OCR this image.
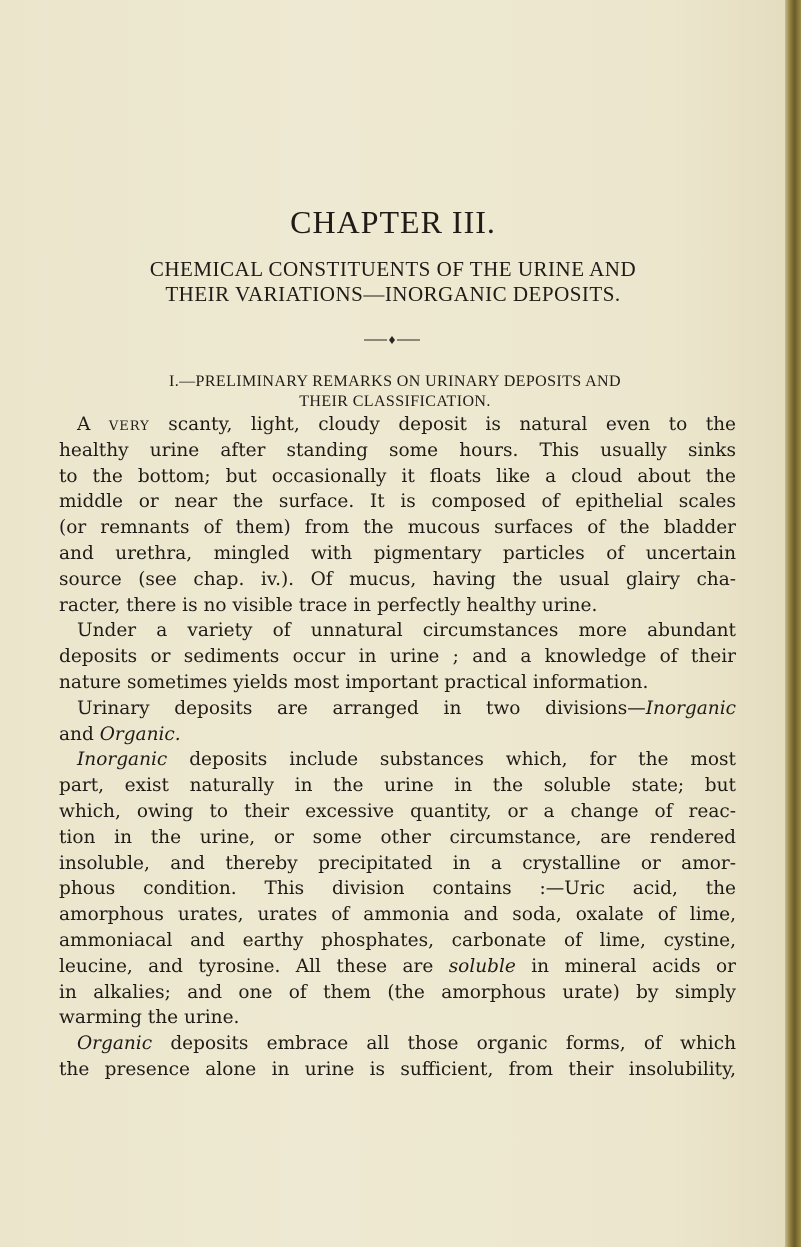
CHAPTER III.
CHEMICAL CONSTITUENTS OF THE URINE AND
THEIR VARIATIONS—INORGANIC DEPOSITS.
I.—PRELIMINARY REMARKS ON URINARY DEPOSITS AND
THEIR CLASSIFICATION.
A very scanty, light, cloudy deposit is natural even to the
healthy urine after standing some hours. This usually sinks
to the bottom; but occasionally it floats like a cloud about the
middle or near the surface. It is composed of epithelial scales
(or remnants of them) from the mucous surfaces of the bladder
and urethra, mingled with pigmentary particles of uncertain
source (see chap. iv.). Of mucus, having the usual glairy cha-
racter, there is no visible trace in perfectly healthy urine.
Under a variety of unnatural circumstances more abundant
deposits or sediments occur in urine ; and a knowledge of their
nature sometimes yields most important practical information.
Urinary deposits are arranged in two divisions—Inorganic
and Organic.
Inorganic deposits include substances which, for the most
part, exist naturally in the urine in the soluble state; but
which, owing to their excessive quantity, or a change of reac-
tion in the urine, or some other circumstance, are rendered
insoluble, and thereby precipitated in a crystalline or amor-
phous condition. This division contains :—Uric acid, the
amorphous urates, urates of ammonia and soda, oxalate of lime,
ammoniacal and earthy phosphates, carbonate of lime, cystine,
leucine, and tyrosine. All these are soluble in mineral acids or
in alkalies; and one of them (the amorphous urate) by simply
warming the urine.
Organic deposits embrace all those organic forms, of which
the presence alone in urine is sufficient, from their insolubility,
